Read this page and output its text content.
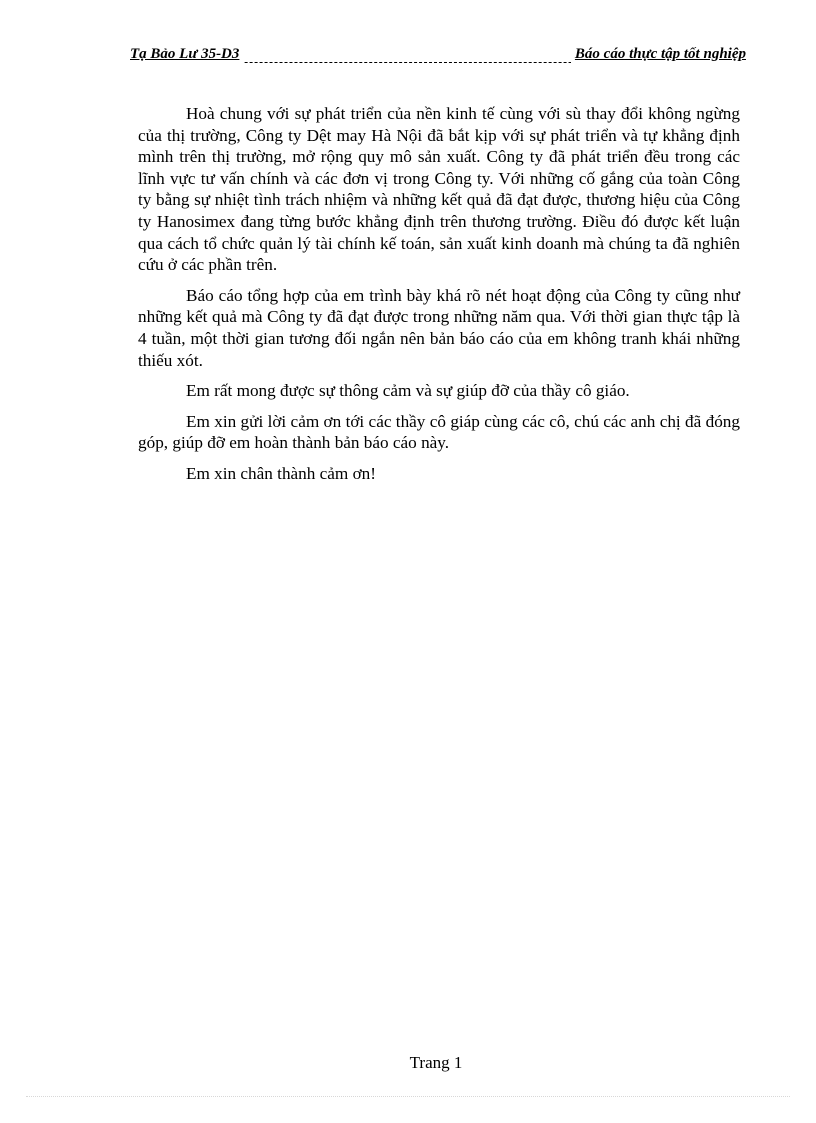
Tạ Bảo Lư 35-D3	Báo cáo thực tập tốt nghiệp

Hoà chung với sự phát triển của nền kinh tế cùng với sù thay đổi không ngừng của thị trường, Công ty Dệt may Hà Nội đã bắt kịp với sự phát triển và tự khẳng định mình trên thị trường, mở rộng quy mô sản xuất. Công ty đã phát triển đều trong các lĩnh vực tư vấn chính và các đơn vị trong Công ty. Với những cố gắng của toàn Công ty bằng sự nhiệt tình trách nhiệm và những kết quả đã đạt được, thương hiệu của Công ty Hanosimex đang từng bước khẳng định trên thương trường. Điều đó được kết luận qua cách tổ chức quản lý tài chính kế toán, sản xuất kinh doanh mà chúng ta đã nghiên cứu ở các phần trên.

Báo cáo tổng hợp của em trình bày khá rõ nét hoạt động của Công ty cũng như những kết quả mà Công ty đã đạt được trong những năm qua. Với thời gian thực tập là 4 tuần, một thời gian tương đối ngắn nên bản báo cáo của em không tranh khái những thiếu xót.

Em rất mong được sự thông cảm và sự giúp đỡ của thầy cô giáo.

Em xin gửi lời cảm ơn tới các thầy cô giáp cùng các cô, chú các anh chị đã đóng góp, giúp đỡ em hoàn thành bản báo cáo này.

Em xin chân thành cảm ơn!

Trang 1
